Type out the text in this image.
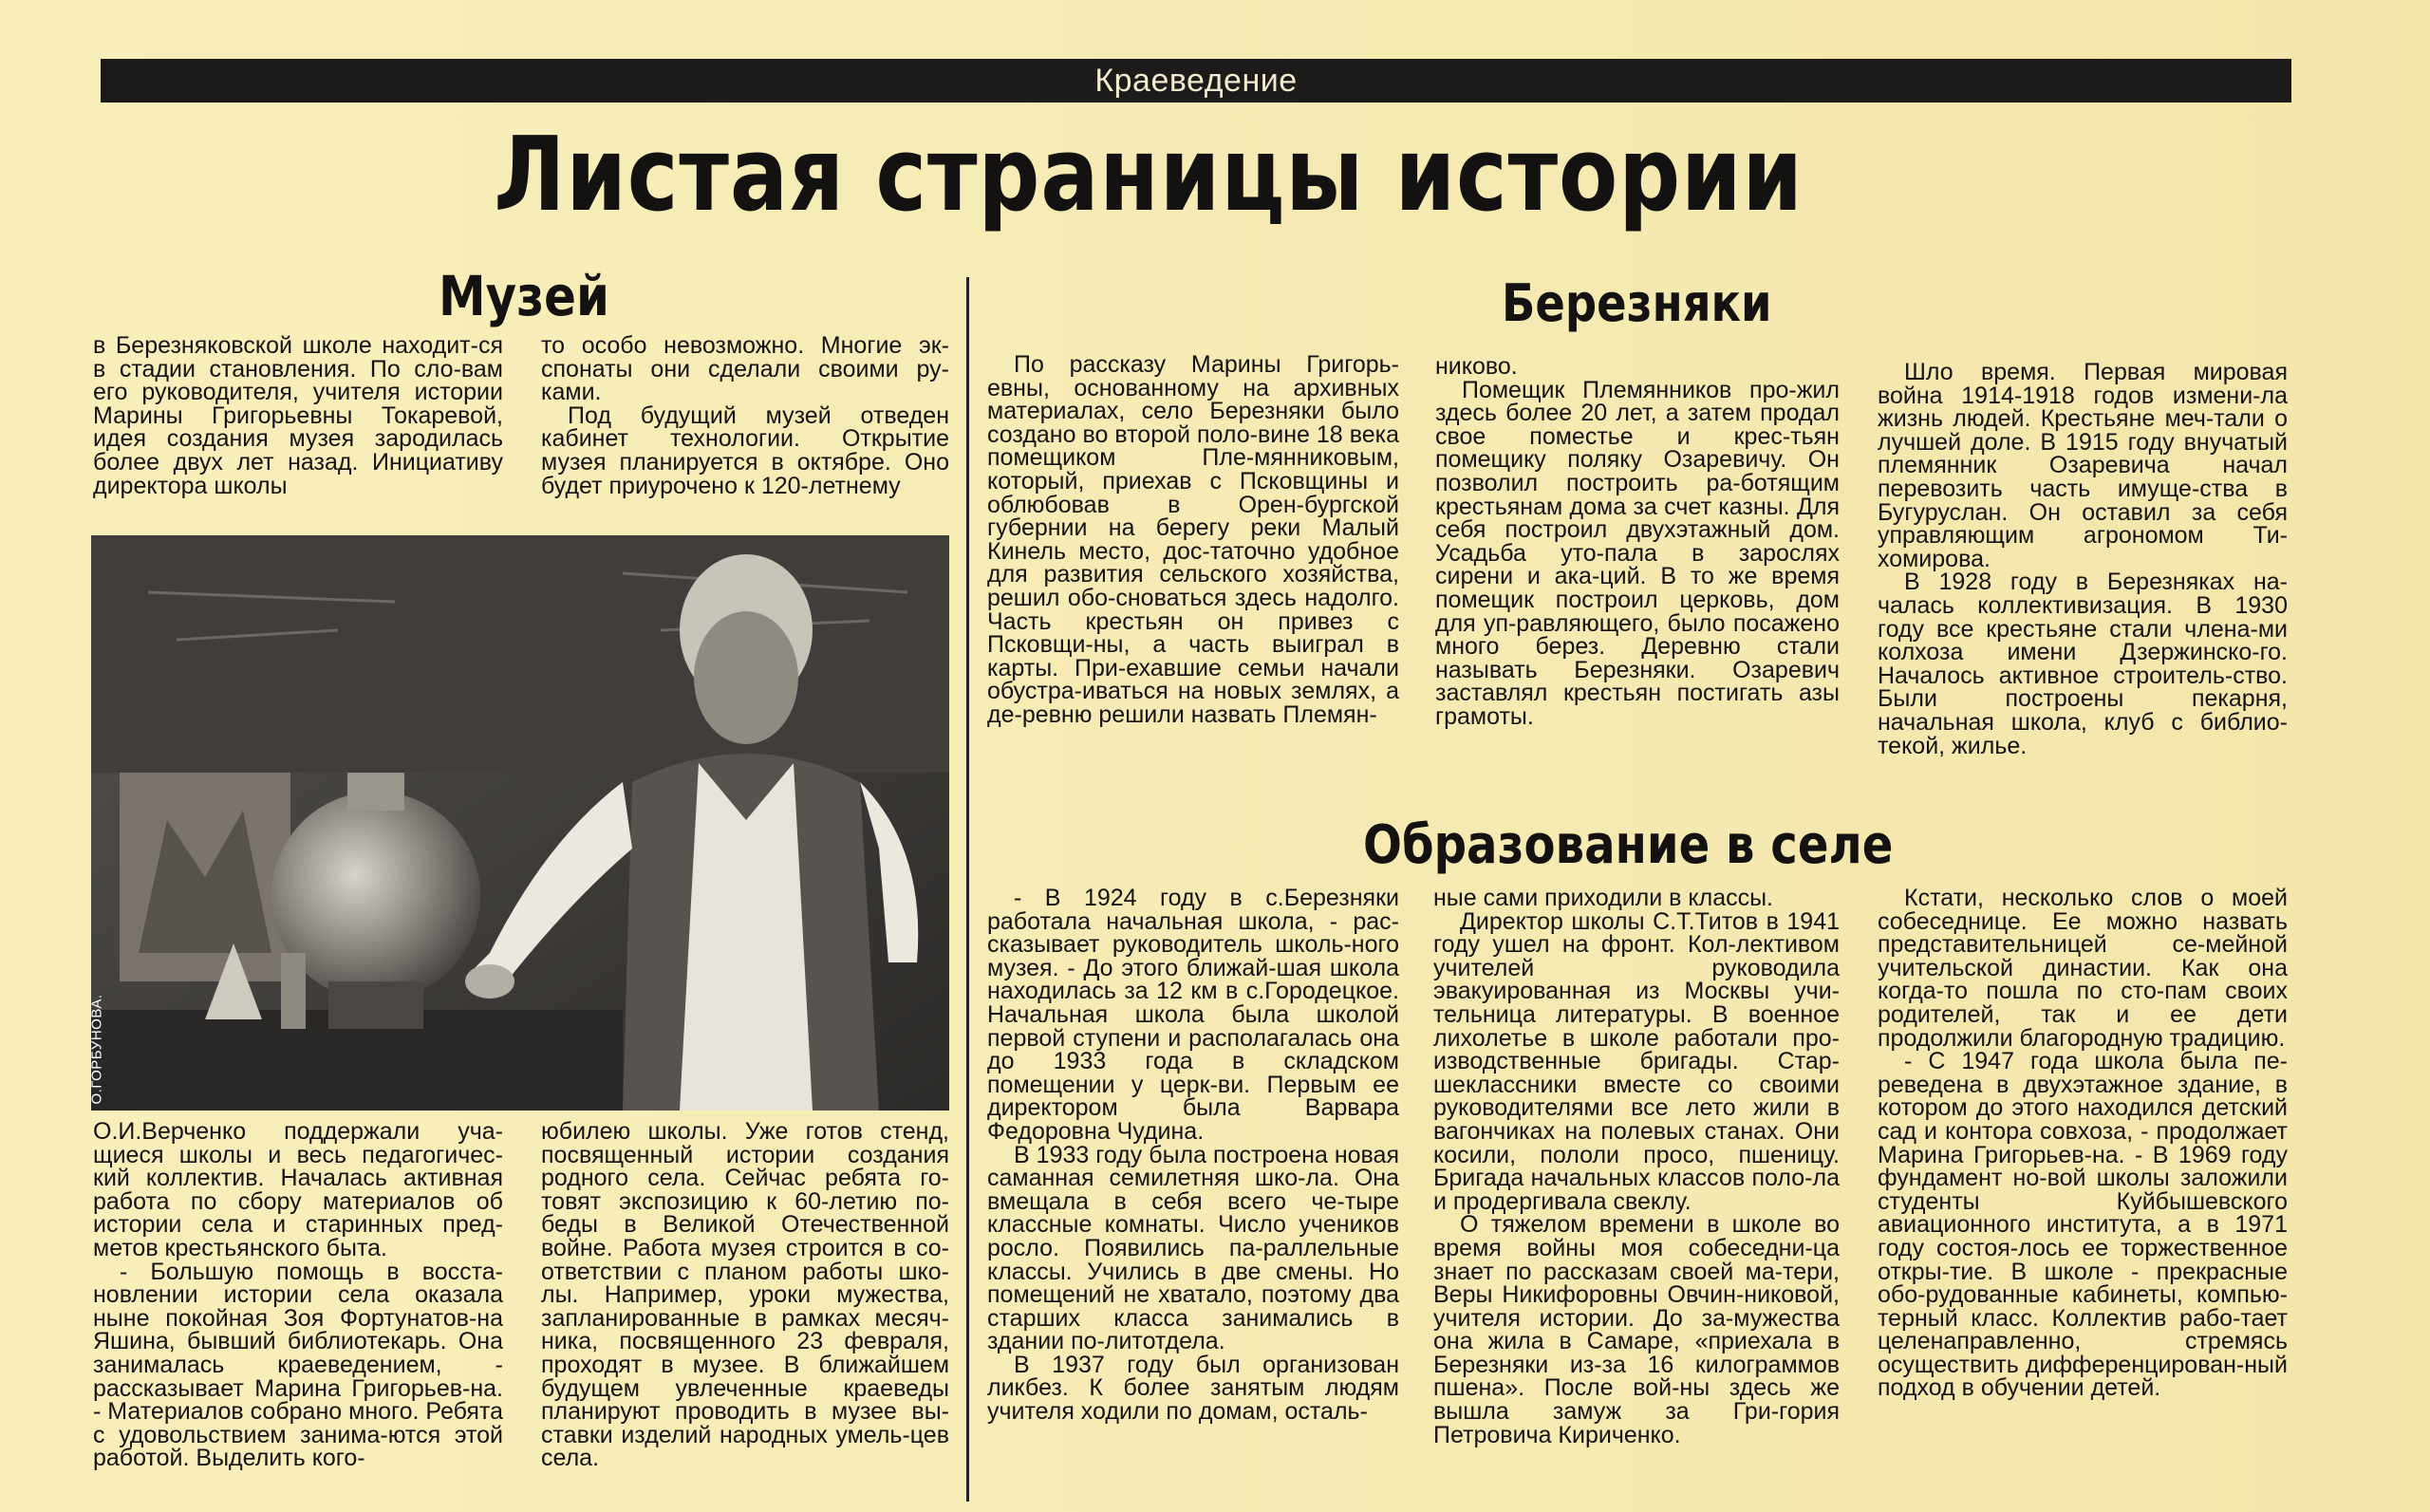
Краеведение
Листая страницы истории
Музей	Березняки
Образование в селе

в Березняковской школе находит-ся в стадии становления. По сло-вам его руководителя, учителя истории Марины Григорьевны Токаревой, идея создания музея зародилась более двух лет назад. Инициативу директора школы

то особо невозможно. Многие эк-спонаты они сделали своими ру-ками.

Под будущий музей отведен кабинет технологии. Открытие музея планируется в октябре. Оно будет приурочено к 120-летнему

О.ГОРБУНОВА.

О.И.Верченко поддержали уча-щиеся школы и весь педагогичес-кий коллектив. Началась активная работа по сбору материалов об истории села и старинных пред-метов крестьянского быта.

- Большую помощь в восста-новлении истории села оказала ныне покойная Зоя Фортунатов-на Яшина, бывший библиотекарь. Она занималась краеведением, - рассказывает Марина Григорьев-на. - Материалов собрано много. Ребята с удовольствием занима-ются этой работой. Выделить кого-

юбилею школы. Уже готов стенд, посвященный истории создания родного села. Сейчас ребята го-товят экспозицию к 60-летию по-беды в Великой Отечественной войне. Работа музея строится в со-ответствии с планом работы шко-лы. Например, уроки мужества, запланированные в рамках месяч-ника, посвященного 23 февраля, проходят в музее. В ближайшем будущем увлеченные краеведы планируют проводить в музее вы-ставки изделий народных умель-цев села.

По рассказу Марины Григорь-евны, основанному на архивных материалах, село Березняки было создано во второй поло-вине 18 века помещиком Пле-мянниковым, который, приехав с Псковщины и облюбовав в Орен-бургской губернии на берегу реки Малый Кинель место, дос-таточно удобное для развития сельского хозяйства, решил обо-сноваться здесь надолго. Часть крестьян он привез с Псковщи-ны, а часть выиграл в карты. При-ехавшие семьи начали обустра-иваться на новых землях, а де-ревню решили назвать Племян-

никово.

Помещик Племянников про-жил здесь более 20 лет, а затем продал свое поместье и крес-тьян помещику поляку Озаревичу. Он позволил построить ра-ботящим крестьянам дома за счет казны. Для себя построил двухэтажный дом. Усадьба уто-пала в зарослях сирени и ака-ций. В то же время помещик построил церковь, дом для уп-равляющего, было посажено много берез. Деревню стали называть Березняки. Озаревич заставлял крестьян постигать азы грамоты.

Шло время. Первая мировая война 1914-1918 годов измени-ла жизнь людей. Крестьяне меч-тали о лучшей доле. В 1915 году внучатый племянник Озаревича начал перевозить часть имуще-ства в Бугуруслан. Он оставил за себя управляющим агрономом Ти-хомирова.

В 1928 году в Березняках на-чалась коллективизация. В 1930 году все крестьяне стали члена-ми колхоза имени Дзержинско-го. Началось активное строитель-ство. Были построены пекарня, начальная школа, клуб с библио-текой, жилье.

- В 1924 году в с.Березняки работала начальная школа, - рас-сказывает руководитель школь-ного музея. - До этого ближай-шая школа находилась за 12 км в с.Городецкое. Начальная школа была школой первой ступени и располагалась она до 1933 года в складском помещении у церк-ви. Первым ее директором была Варвара Федоровна Чудина.

В 1933 году была построена новая саманная семилетняя шко-ла. Она вмещала в себя всего че-тыре классные комнаты. Число учеников росло. Появились па-раллельные классы. Учились в две смены. Но помещений не хватало, поэтому два старших класса занимались в здании по-литотдела.

В 1937 году был организован ликбез. К более занятым людям учителя ходили по домам, осталь-

ные сами приходили в классы.

Директор школы С.Т.Титов в 1941 году ушел на фронт. Кол-лективом учителей руководила эвакуированная из Москвы учи-тельница литературы. В военное лихолетье в школе работали про-изводственные бригады. Стар-шеклассники вместе со своими руководителями все лето жили в вагончиках на полевых станах. Они косили, пололи просо, пшеницу. Бригада начальных классов поло-ла и продергивала свеклу.

О тяжелом времени в школе во время войны моя собеседни-ца знает по рассказам своей ма-тери, Веры Никифоровны Овчин-никовой, учителя истории. До за-мужества она жила в Самаре, «приехала в Березняки из-за 16 килограммов пшена». После вой-ны здесь же вышла замуж за Гри-гория Петровича Кириченко.

Кстати, несколько слов о моей собеседнице. Ее можно назвать представительницей се-мейной учительской династии. Как она когда-то пошла по сто-пам своих родителей, так и ее дети продолжили благородную традицию.

- С 1947 года школа была пе-реведена в двухэтажное здание, в котором до этого находился детский сад и контора совхоза, - продолжает Марина Григорьев-на. - В 1969 году фундамент но-вой школы заложили студенты Куйбышевского авиационного института, а в 1971 году состоя-лось ее торжественное откры-тие. В школе - прекрасные обо-рудованные кабинеты, компью-терный класс. Коллектив рабо-тает целенаправленно, стремясь осуществить дифференцирован-ный подход в обучении детей.
